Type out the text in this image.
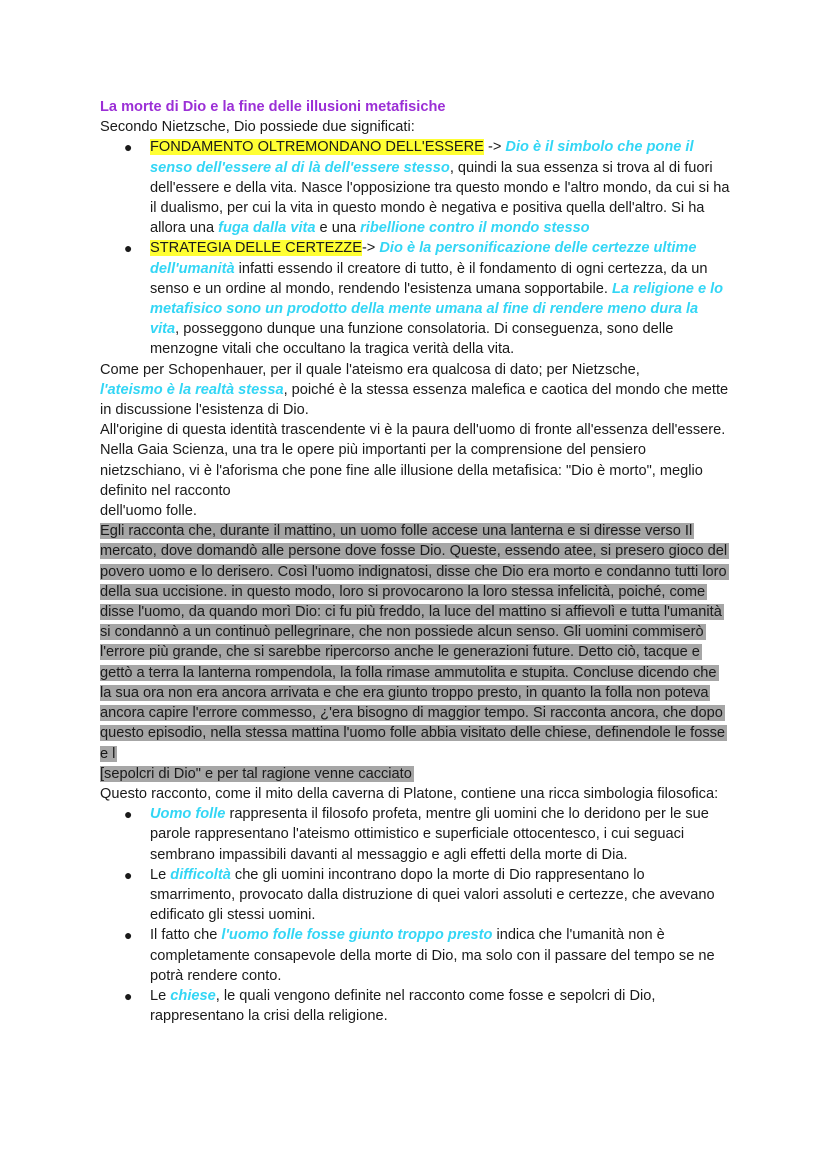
La morte di Dio e la fine delle illusioni metafisiche
Secondo Nietzsche, Dio possiede due significati:
● FONDAMENTO OLTREMONDANO DELL'ESSERE -> Dio è il simbolo che pone il senso dell'essere al di là dell'essere stesso, quindi la sua essenza si trova al di fuori dell'essere e della vita. Nasce l'opposizione tra questo mondo e l'altro mondo, da cui si ha il dualismo, per cui la vita in questo mondo è negativa e positiva quella dell'altro. Si ha allora una fuga dalla vita e una ribellione contro il mondo stesso
● STRATEGIA DELLE CERTEZZE-> Dio è la personificazione delle certezze ultime dell'umanità infatti essendo il creatore di tutto, è il fondamento di ogni certezza, da un senso e un ordine al mondo, rendendo l'esistenza umana sopportabile. La religione e lo metafisico sono un prodotto della mente umana al fine di rendere meno dura la vita, posseggono dunque una funzione consolatoria. Di conseguenza, sono delle menzogne vitali che occultano la tragica verità della vita.
Come per Schopenhauer, per il quale l'ateismo era qualcosa di dato; per Nietzsche,
l'ateismo è la realtà stessa, poiché è la stessa essenza malefica e caotica del mondo che mette in discussione l'esistenza di Dio.
All'origine di questa identità trascendente vi è la paura dell'uomo di fronte all'essenza dell'essere.
Nella Gaia Scienza, una tra le opere più importanti per la comprensione del pensiero nietzschiano, vi è l'aforisma che pone fine alle illusione della metafisica: "Dio è morto", meglio definito nel racconto
dell'uomo folle.
Egli racconta che, durante il mattino, un uomo folle accese una lanterna e si diresse verso Il mercato, dove domandò alle persone dove fosse Dio. Queste, essendo atee, si presero gioco del povero uomo e lo derisero. Così l'uomo indignatosi, disse che Dio era morto e condanno tutti loro della sua uccisione. in questo modo, loro si provocarono la loro stessa infelicità, poiché, come disse l'uomo, da quando morì Dio: ci fu più freddo, la luce del mattino si affievolì e tutta l'umanità si condannò a un continuò pellegrinare, che non possiede alcun senso. Gli uomini commiserò l'errore più grande, che si sarebbe ripercorso anche le generazioni future. Detto ciò, tacque e gettò a terra la lanterna rompendola, la folla rimase ammutolita e stupita. Concluse dicendo che la sua ora non era ancora arrivata e che era giunto troppo presto, in quanto la folla non poteva ancora capire l'errore commesso, ¿'era bisogno di maggior tempo. Si racconta ancora, che dopo questo episodio, nella stessa mattina l'uomo folle abbia visitato delle chiese, definendole le fosse e l
[sepolcri di Dio" e per tal ragione venne cacciato
Questo racconto, come il mito della caverna di Platone, contiene una ricca simbologia filosofica:
● Uomo folle rappresenta il filosofo profeta, mentre gli uomini che lo deridono per le sue parole rappresentano l'ateismo ottimistico e superficiale ottocentesco, i cui seguaci sembrano impassibili davanti al messaggio e agli effetti della morte di Dia.
● Le difficoltà che gli uomini incontrano dopo la morte di Dio rappresentano lo smarrimento, provocato dalla distruzione di quei valori assoluti e certezze, che avevano edificato gli stessi uomini.
● Il fatto che l'uomo folle fosse giunto troppo presto indica che l'umanità non è completamente consapevole della morte di Dio, ma solo con il passare del tempo se ne potrà rendere conto.
● Le chiese, le quali vengono definite nel racconto come fosse e sepolcri di Dio, rappresentano la crisi della religione.
